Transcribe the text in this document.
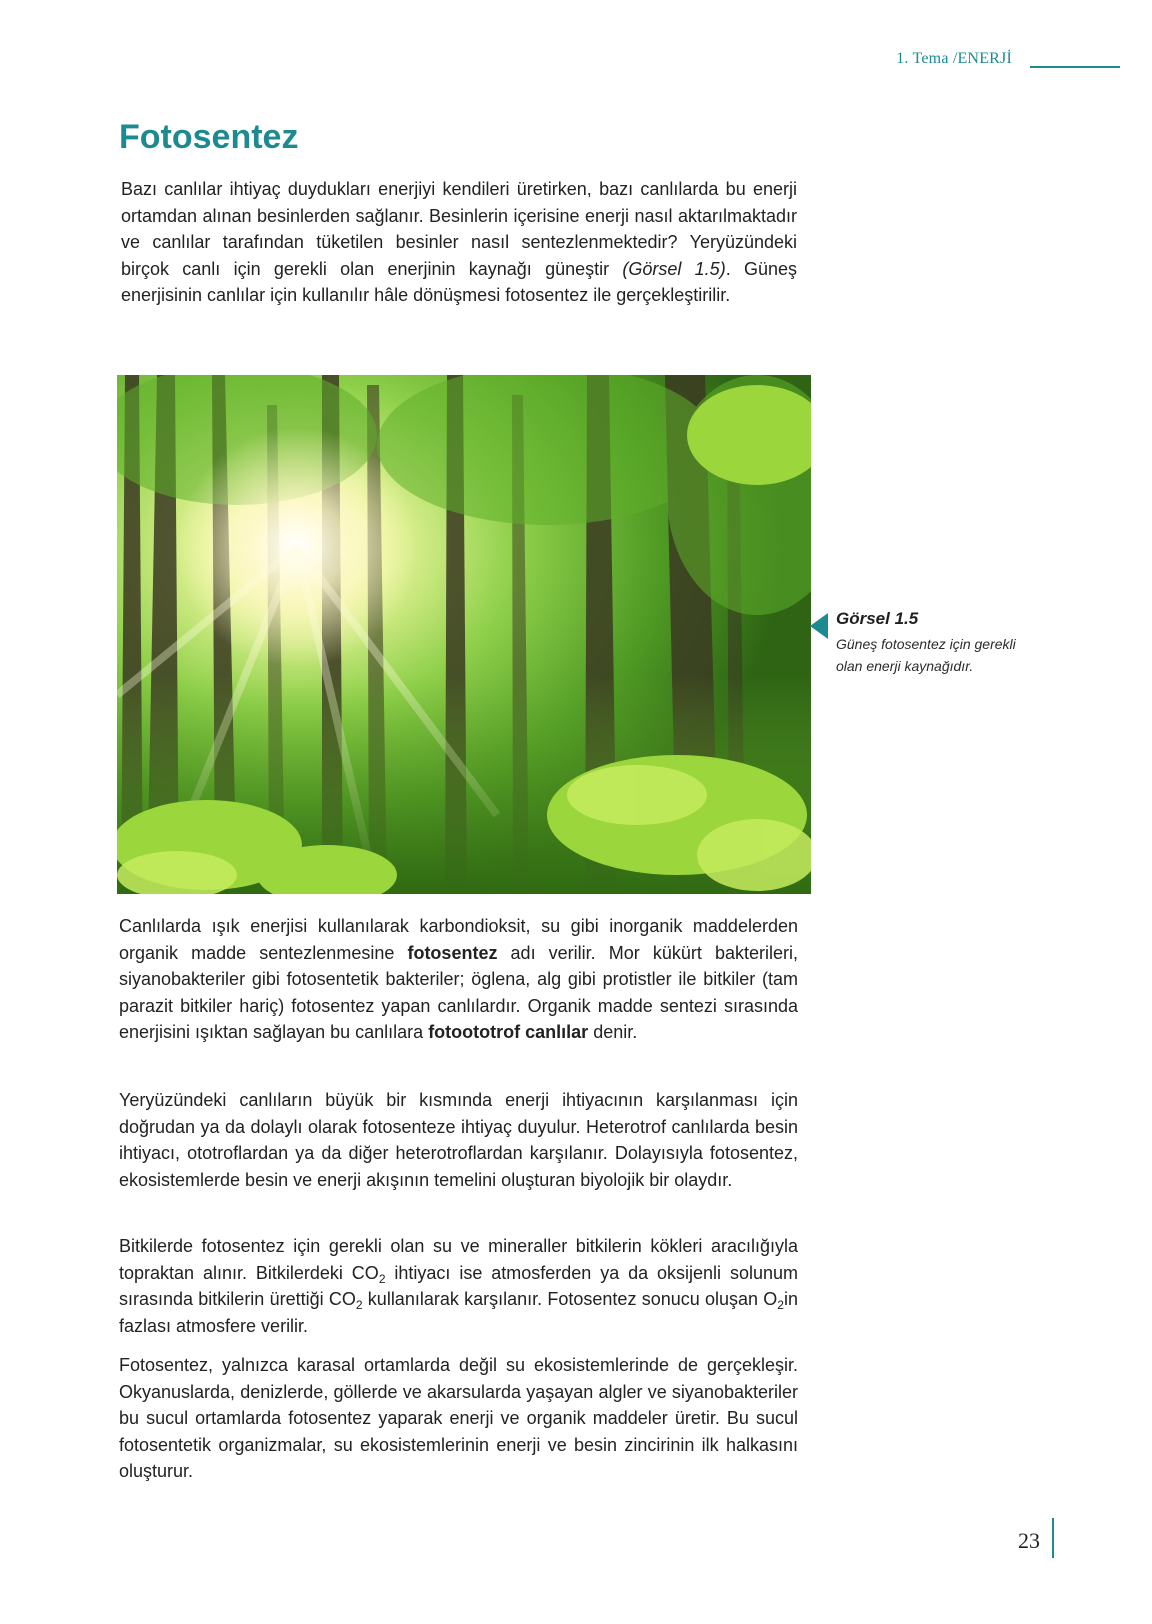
1. Tema /ENERJİ
Fotosentez

Bazı canlılar ihtiyaç duydukları enerjiyi kendileri üretirken, bazı canlılarda bu enerji ortamdan alınan besinlerden sağlanır. Besinlerin içerisine enerji nasıl aktarılmaktadır ve canlılar tarafından tüketilen besinler nasıl sentezlenmektedir? Yeryüzündeki birçok canlı için gerekli olan enerjinin kaynağı güneştir (Görsel 1.5). Güneş enerjisinin canlılar için kullanılır hâle dönüşmesi fotosentez ile gerçekleştirilir.

Görsel 1.5

Güneş fotosentez için gerekli olan enerji kaynağıdır.

Canlılarda ışık enerjisi kullanılarak karbondioksit, su gibi inorganik maddelerden organik madde sentezlenmesine fotosentez adı verilir. Mor kükürt bakterileri, siyanobakteriler gibi fotosentetik bakteriler; öglena, alg gibi protistler ile bitkiler (tam parazit bitkiler hariç) fotosentez yapan canlılardır. Organik madde sentezi sırasında enerjisini ışıktan sağlayan bu canlılara fotoototrof canlılar denir.

Yeryüzündeki canlıların büyük bir kısmında enerji ihtiyacının karşılanması için doğrudan ya da dolaylı olarak fotosenteze ihtiyaç duyulur. Heterotrof canlılarda besin ihtiyacı, ototroflardan ya da diğer heterotroflardan karşılanır. Dolayısıyla fotosentez, ekosistemlerde besin ve enerji akışının temelini oluşturan biyolojik bir olaydır.

Bitkilerde fotosentez için gerekli olan su ve mineraller bitkilerin kökleri aracılığıyla topraktan alınır. Bitkilerdeki $CO_2$ ihtiyacı ise atmosferden ya da oksijenli solunum sırasında bitkilerin ürettiği $CO_2$ kullanılarak karşılanır. Fotosentez sonucu oluşan $O_2in$ fazlası atmosfere verilir.

Fotosentez, yalnızca karasal ortamlarda değil su ekosistemlerinde de gerçekleşir. Okyanuslarda, denizlerde, göllerde ve akarsularda yaşayan algler ve siyanobakteriler bu sucul ortamlarda fotosentez yaparak enerji ve organik maddeler üretir. Bu sucul fotosentetik organizmalar, su ekosistemlerinin enerji ve besin zincirinin ilk halkasını oluşturur.

23
